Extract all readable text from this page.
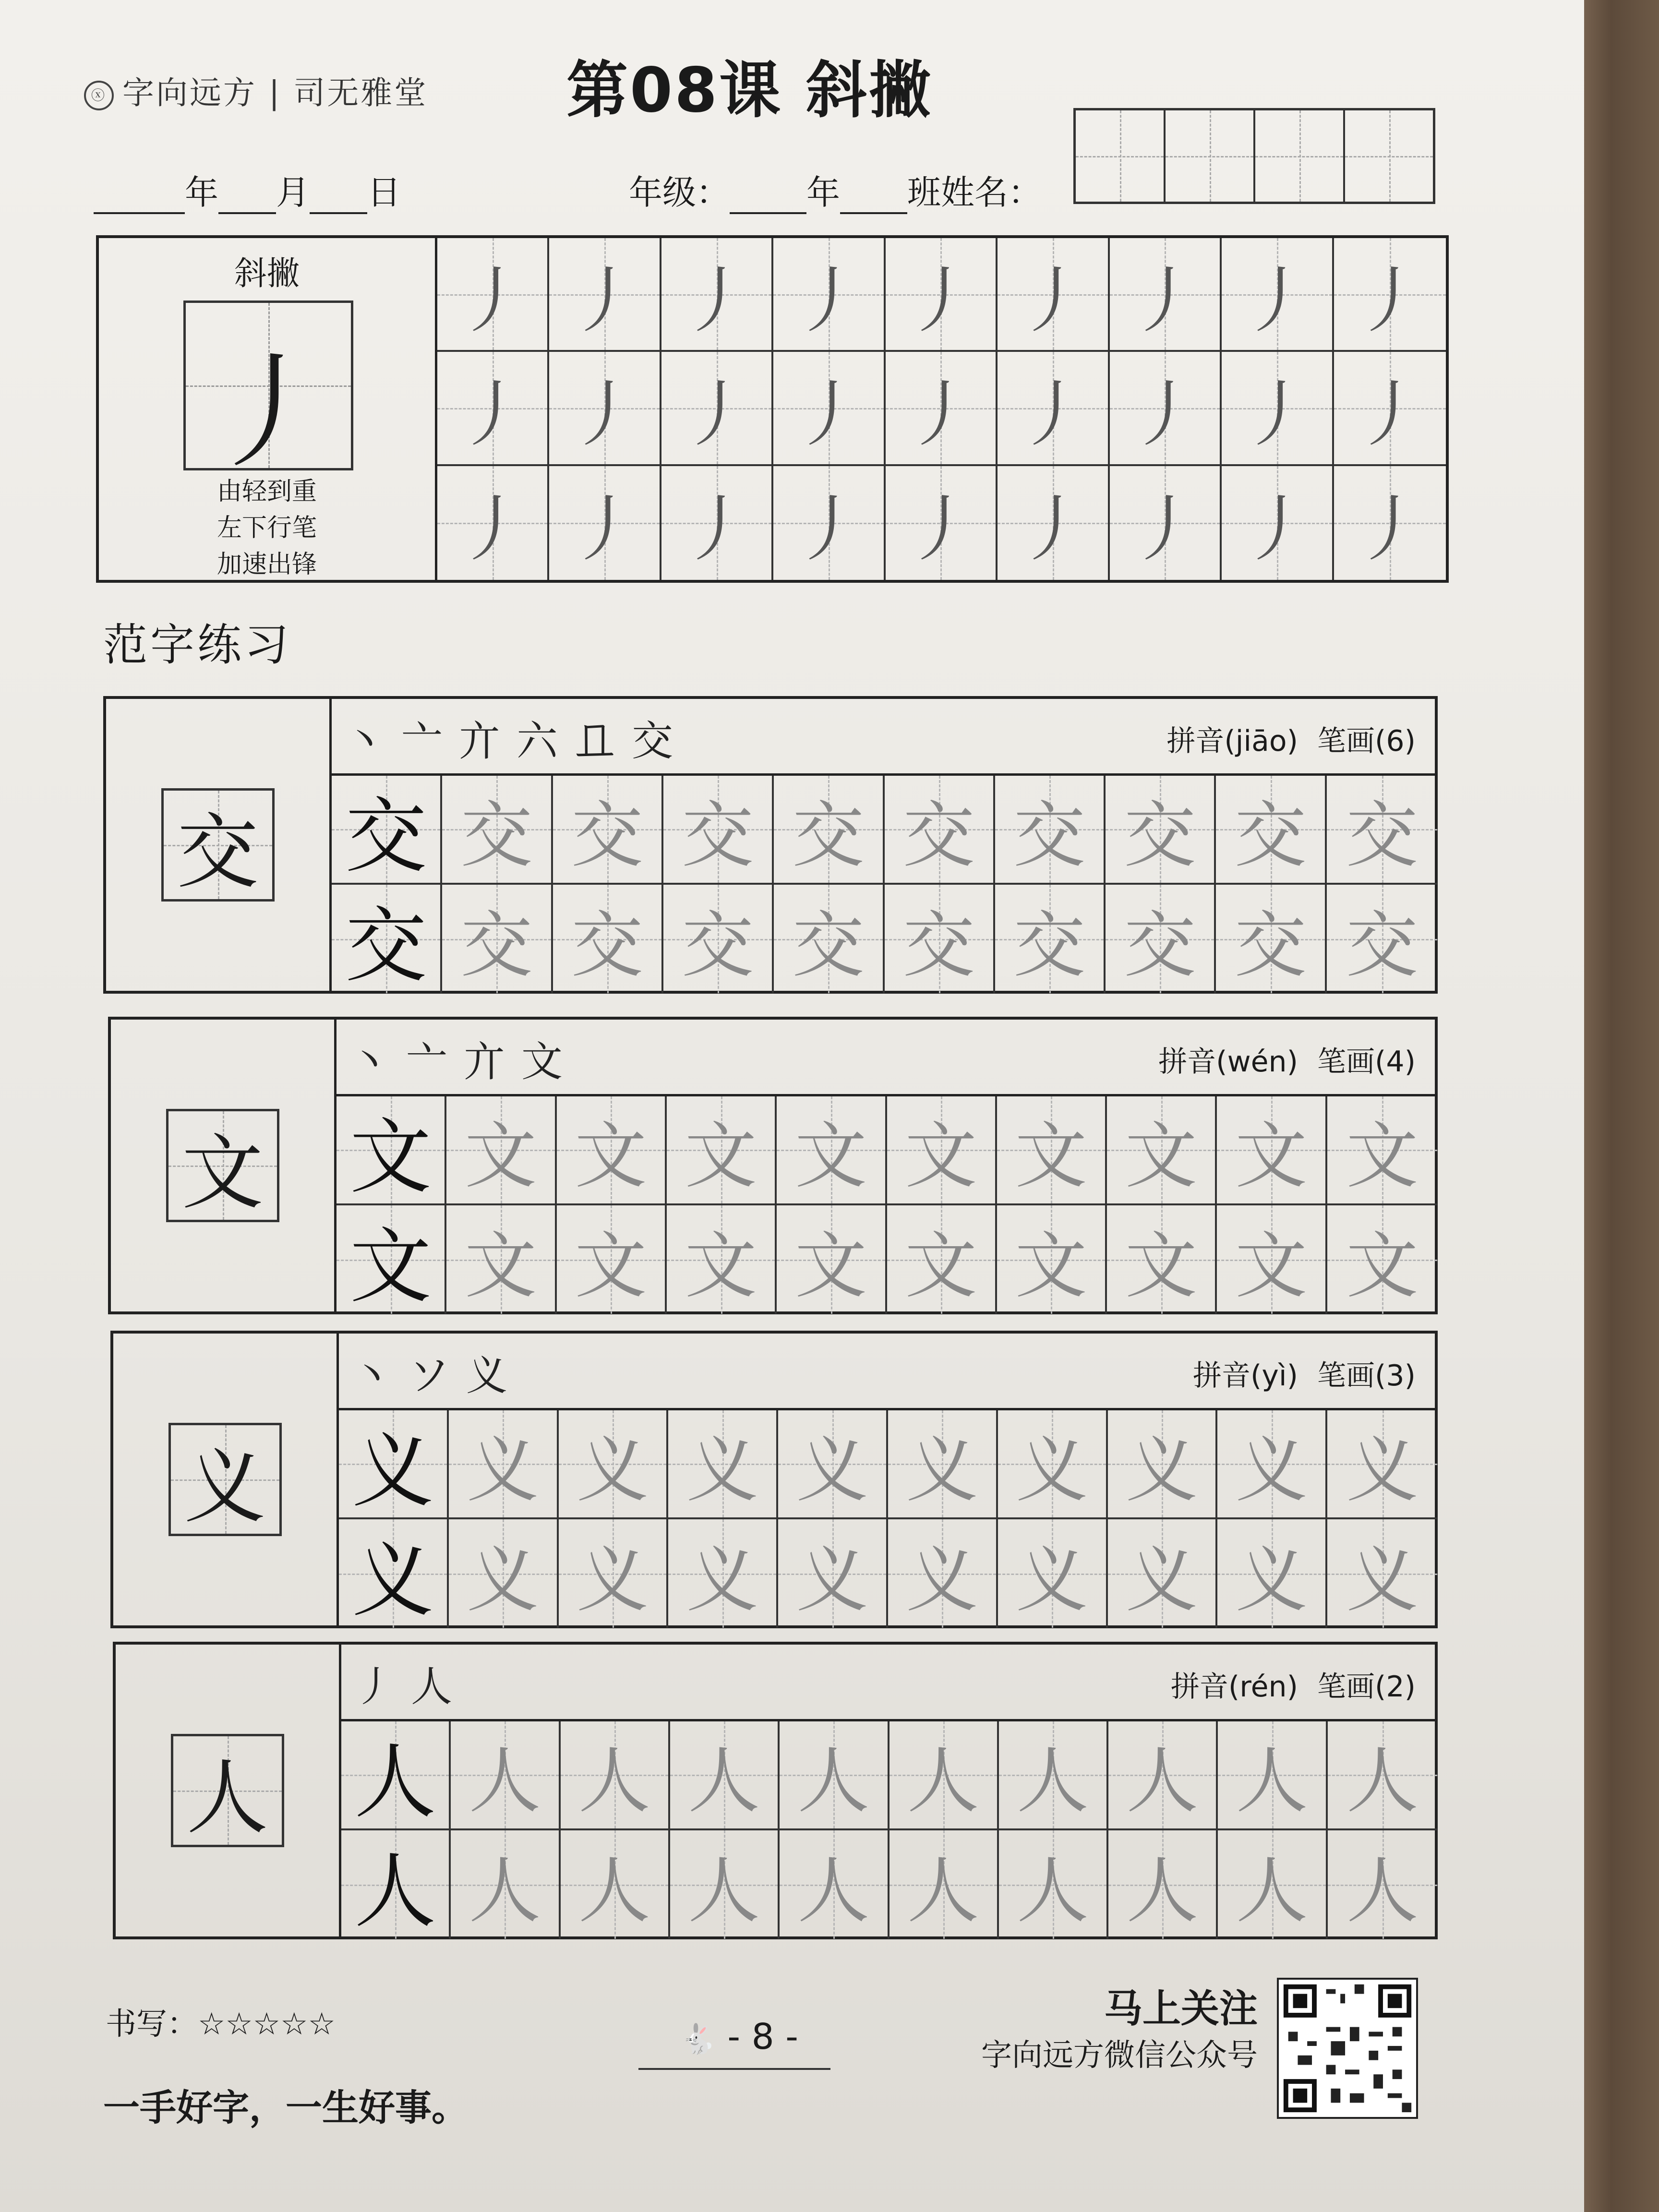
ⓧ 字向远方 | 司无雅堂 第08课 斜撇
年 月 日	年级： 年 班姓名：
斜撇
丿
由轻到重
左下行笔
加速出锋
丿 丿 丿 丿 丿 丿 丿 丿 丿
丿 丿 丿 丿 丿 丿 丿 丿 丿
丿 丿 丿 丿 丿 丿 丿 丿 丿
范字练习
交
丶亠亣六𠀃交	拼音(jiāo) 笔画(6)
交 交 交 交 交 交 交 交 交 交
交 交 交 交 交 交 交 交 交 交
文
丶亠亣文	拼音(wén) 笔画(4)
文 文 文 文 文 文 文 文 文 文
文 文 文 文 文 文 文 文 文 文
义
丶ソ义	拼音(yì) 笔画(3)
义 义 义 义 义 义 义 义 义 义
义 义 义 义 义 义 义 义 义 义
人
丿人	拼音(rén) 笔画(2)
人 人 人 人 人 人 人 人 人 人
人 人 人 人 人 人 人 人 人 人
书写：☆☆☆☆☆
一手好字，一生好事。
🐇 - 8 -
马上关注
字向远方微信公众号
